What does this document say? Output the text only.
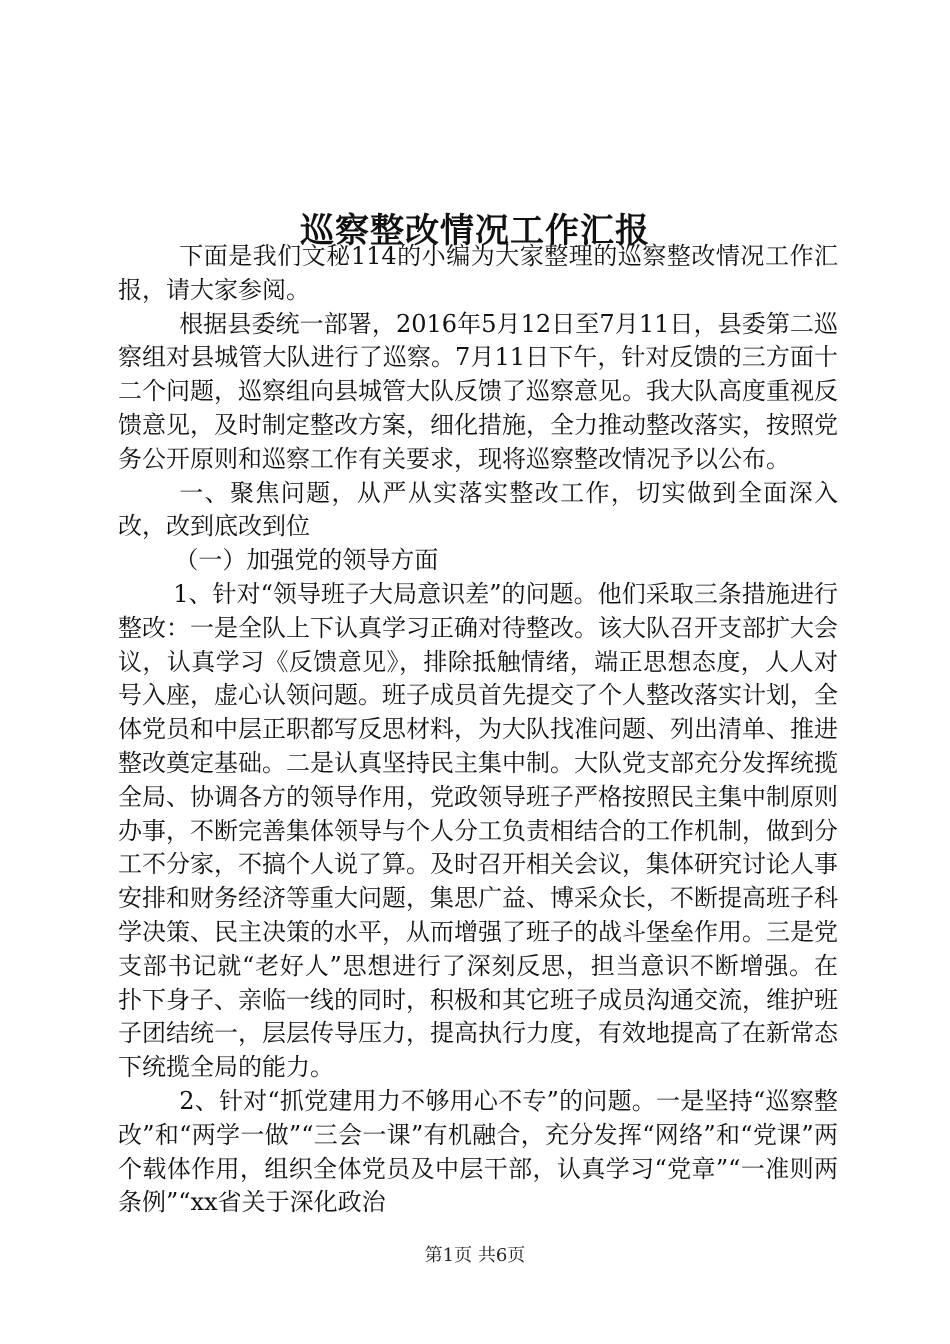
巡察整改情况工作汇报

下面是我们文秘114的小编为大家整理的巡察整改情况工作汇报，请大家参阅。

根据县委统一部署，2016年5月12日至7月11日，县委第二巡察组对县城管大队进行了巡察。7月11日下午，针对反馈的三方面十二个问题，巡察组向县城管大队反馈了巡察意见。我大队高度重视反馈意见，及时制定整改方案，细化措施，全力推动整改落实，按照党务公开原则和巡察工作有关要求，现将巡察整改情况予以公布。

一、聚焦问题，从严从实落实整改工作，切实做到全面深入改，改到底改到位

（一）加强党的领导方面

1、针对“领导班子大局意识差”的问题。他们采取三条措施进行整改：一是全队上下认真学习正确对待整改。该大队召开支部扩大会议，认真学习《反馈意见》，排除抵触情绪，端正思想态度，人人对号入座，虚心认领问题。班子成员首先提交了个人整改落实计划，全体党员和中层正职都写反思材料，为大队找准问题、列出清单、推进整改奠定基础。二是认真坚持民主集中制。大队党支部充分发挥统揽全局、协调各方的领导作用，党政领导班子严格按照民主集中制原则办事，不断完善集体领导与个人分工负责相结合的工作机制，做到分工不分家，不搞个人说了算。及时召开相关会议，集体研究讨论人事安排和财务经济等重大问题，集思广益、博采众长，不断提高班子科学决策、民主决策的水平，从而增强了班子的战斗堡垒作用。三是党支部书记就“老好人”思想进行了深刻反思，担当意识不断增强。在扑下身子、亲临一线的同时，积极和其它班子成员沟通交流，维护班子团结统一，层层传导压力，提高执行力度，有效地提高了在新常态下统揽全局的能力。

2、针对“抓党建用力不够用心不专”的问题。一是坚持“巡察整改”和“两学一做”“三会一课”有机融合，充分发挥“网络”和“党课”两个载体作用，组织全体党员及中层干部，认真学习“党章”“一准则两条例”“xx省关于深化政治

第1页 共6页
